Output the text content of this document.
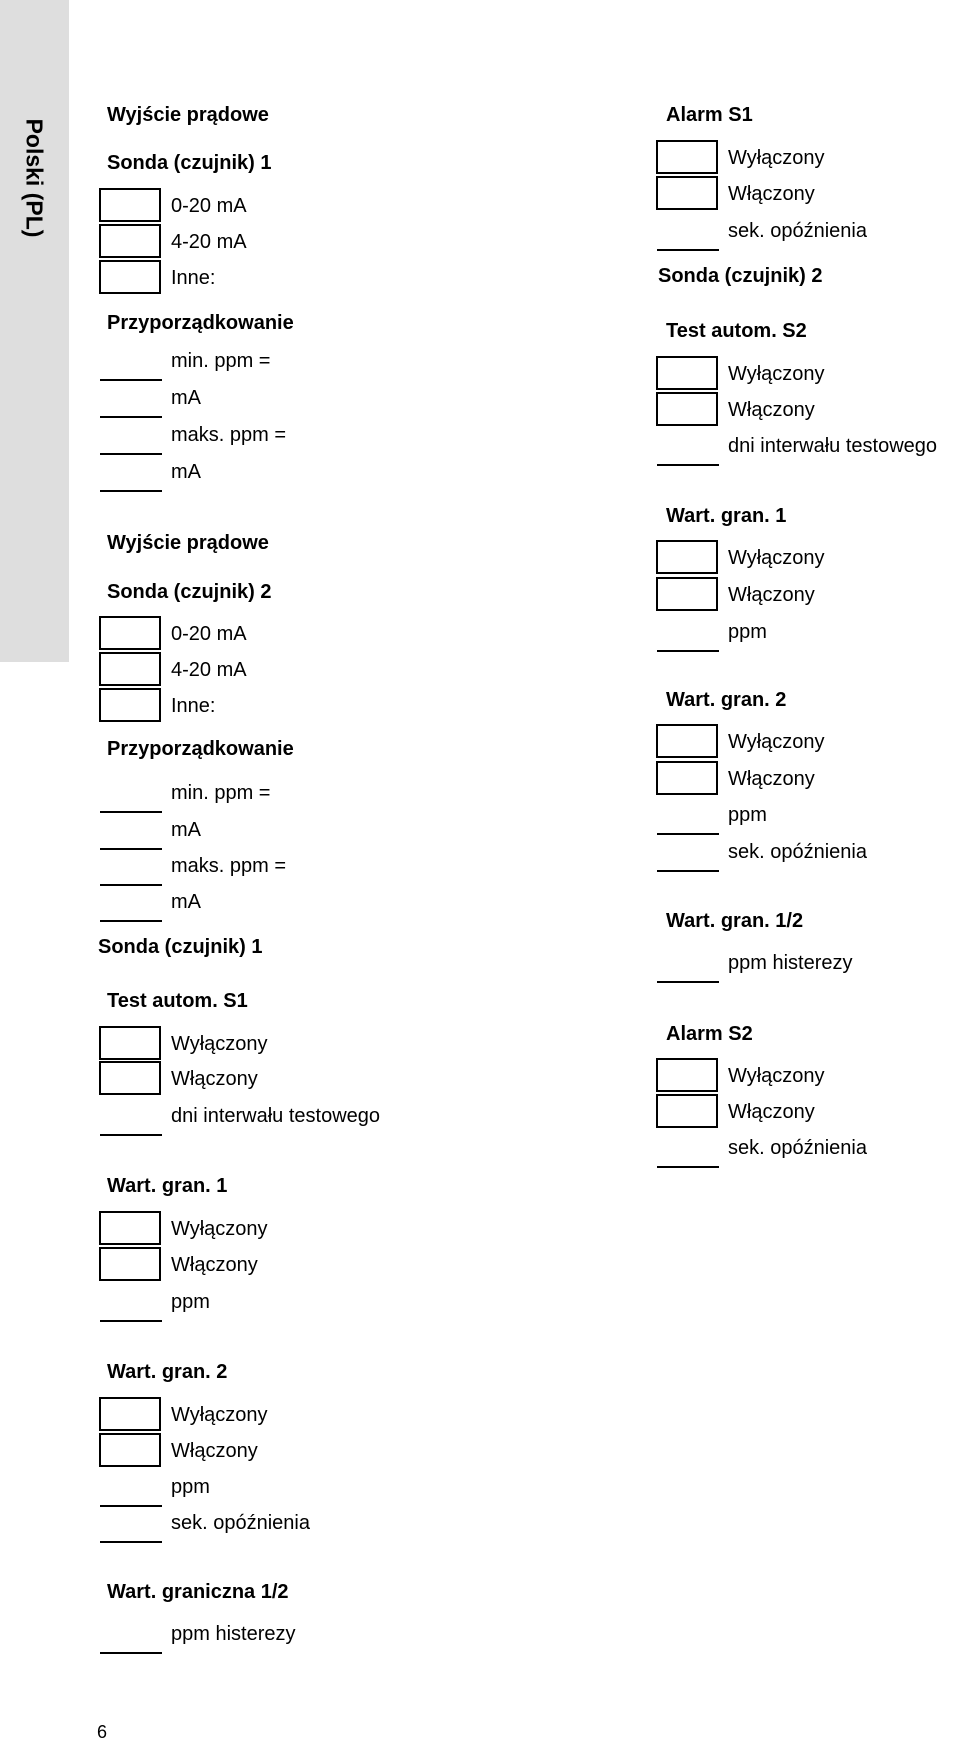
Polski (PL)
Wyjście prądowe
Sonda (czujnik) 1
0-20 mA
4-20 mA
Inne:
Przyporządkowanie
min. ppm =
mA
maks. ppm =
mA
Wyjście prądowe
Sonda (czujnik) 2
0-20 mA
4-20 mA
Inne:
Przyporządkowanie
min. ppm =
mA
maks. ppm =
mA
Sonda (czujnik) 1
Test autom. S1
Wyłączony
Włączony
dni interwału testowego
Wart. gran. 1
Wyłączony
Włączony
ppm
Wart. gran. 2
Wyłączony
Włączony
ppm
sek. opóźnienia
Wart. graniczna 1/2
ppm histerezy
Alarm S1
Wyłączony
Włączony
sek. opóźnienia
Sonda (czujnik) 2
Test autom. S2
Wyłączony
Włączony
dni interwału testowego
Wart. gran. 1
Wyłączony
Włączony
ppm
Wart. gran. 2
Wyłączony
Włączony
ppm
sek. opóźnienia
Wart. gran. 1/2
ppm histerezy
Alarm S2
Wyłączony
Włączony
sek. opóźnienia
6
